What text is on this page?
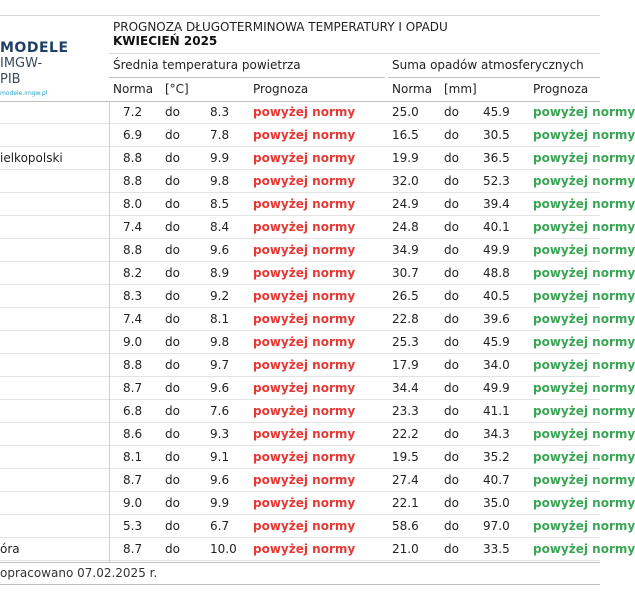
MODELE
IMGW-PIB
modele.imgw.pl
PROGNOZA DŁUGOTERMINOWA TEMPERATURY I OPADU
KWIECIEŃ 2025
Średnia temperatura powietrza	Suma opadów atmosferycznych
Norma [°C]	Prognoza	Norma [mm]	Prognoza
7.2 do	8.3 powyżej normy	25.0 do 45.9 powyżej normy
6.9 do	7.8 powyżej normy	16.5 do 30.5 powyżej normy
ielkopolski	8.8 do	9.9 powyżej normy	19.9 do 36.5 powyżej normy
8.8 do	9.8 powyżej normy	32.0 do 52.3 powyżej normy
8.0 do	8.5 powyżej normy	24.9 do 39.4 powyżej normy
7.4 do	8.4 powyżej normy	24.8 do 40.1 powyżej normy
8.8 do	9.6 powyżej normy	34.9 do 49.9 powyżej normy
8.2 do	8.9 powyżej normy	30.7 do 48.8 powyżej normy
8.3 do	9.2 powyżej normy	26.5 do 40.5 powyżej normy
7.4 do	8.1 powyżej normy	22.8 do 39.6 powyżej normy
9.0 do	9.8 powyżej normy	25.3 do 45.9 powyżej normy
8.8 do	9.7 powyżej normy	17.9 do 34.0 powyżej normy
8.7 do	9.6 powyżej normy	34.4 do 49.9 powyżej normy
6.8 do	7.6 powyżej normy	23.3 do 41.1 powyżej normy
8.6 do	9.3 powyżej normy	22.2 do 34.3 powyżej normy
8.1 do	9.1 powyżej normy	19.5 do 35.2 powyżej normy
8.7 do	9.6 powyżej normy	27.4 do 40.7 powyżej normy
9.0 do	9.9 powyżej normy	22.1 do 35.0 powyżej normy
5.3 do	6.7 powyżej normy	58.6 do 97.0 powyżej normy
óra	8.7 do	10.0 powyżej normy	21.0 do 33.5 powyżej normy
opracowano 07.02.2025 r.
